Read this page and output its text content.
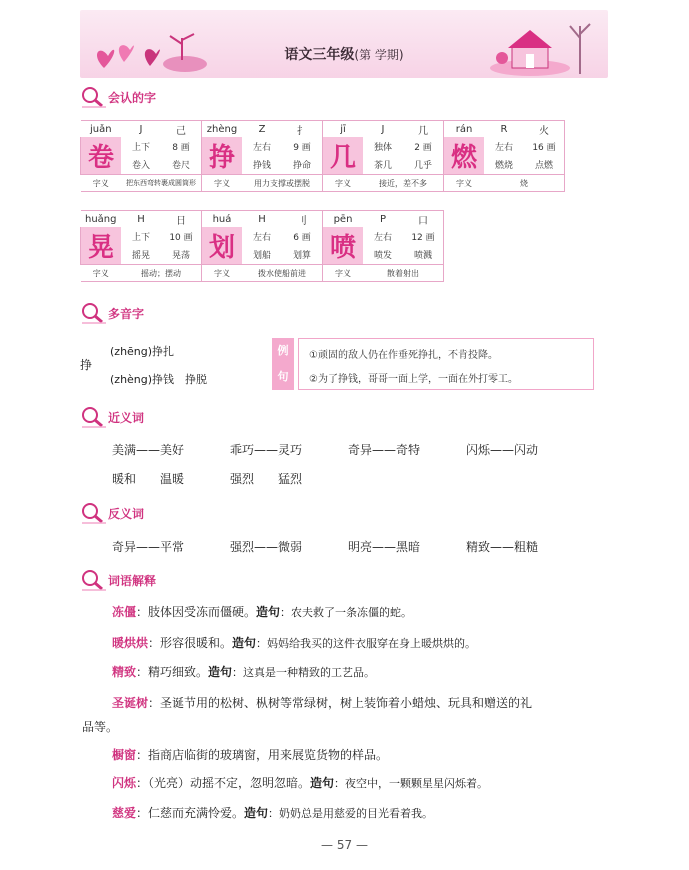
语文三年级(第 学期)
会认的字
juǎn	J	己	zhèng	Z	扌	jī	J	几	rán	R	火
卷	上下	8 画	挣	左右	9 画	几	独体	2 画	燃	左右	16 画
	卷入	卷尺		挣钱	挣命		茶几	几乎		燃烧	点燃
字义	把东西弯转裹成圆筒形		字义	用力支撑或摆脱		字义	接近，差不多		字义	烧	
huǎng	H	日	huá	H	刂	pēn	P	口
晃	上下	10 画	划	左右	6 画	喷	左右	12 画
	摇晃	晃荡		划船	划算		喷发	喷溅
字义	摇动；摆动		字义	拨水使船前进		字义	散着射出	
多音字
挣
(zhēng)挣扎
(zhèng)挣钱　挣脱
例
句
①顽固的敌人仍在作垂死挣扎，不肯投降。
②为了挣钱，哥哥一面上学，一面在外打零工。
近义词
美满——美好	乖巧——灵巧	奇异——奇特	闪烁——闪动
暖和　　温暖	强烈　　猛烈
反义词
奇异——平常	强烈——微弱	明亮——黑暗	精致——粗糙
词语解释
冻僵：肢体因受冻而僵硬。造句：农夫救了一条冻僵的蛇。
暖烘烘：形容很暖和。造句：妈妈给我买的这件衣服穿在身上暖烘烘的。
精致：精巧细致。造句：这真是一种精致的工艺品。
圣诞树：圣诞节用的松树、枞树等常绿树，树上装饰着小蜡烛、玩具和赠送的礼
品等。
橱窗：指商店临街的玻璃窗，用来展览货物的样品。
闪烁：（光亮）动摇不定，忽明忽暗。造句：夜空中，一颗颗星星闪烁着。
慈爱：仁慈而充满怜爱。造句：奶奶总是用慈爱的目光看着我。
— 57 —
